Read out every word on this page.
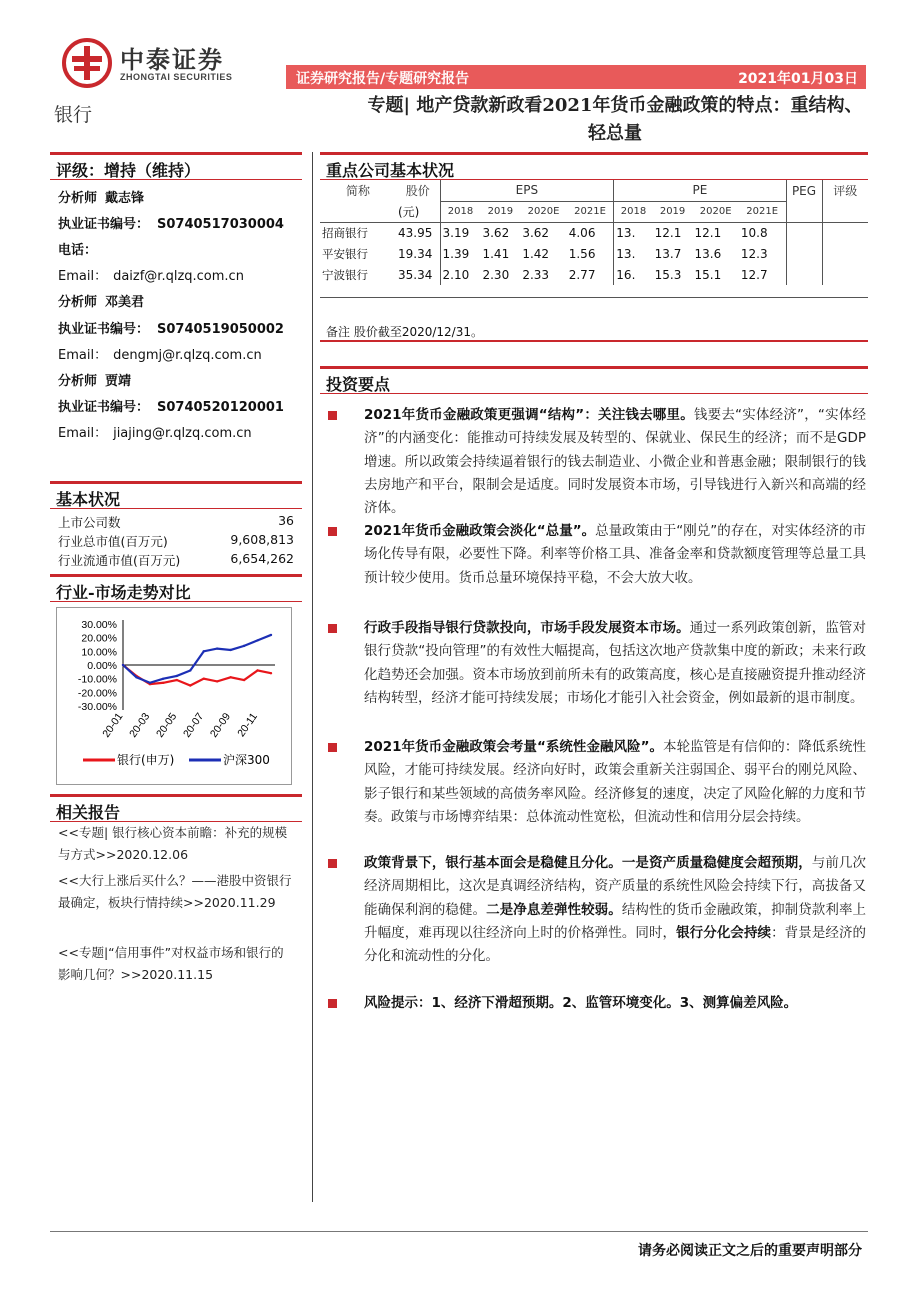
中泰证券
ZHONGTAI SECURITIES	证券研究报告/专题研究报告	2021年01月03日
银行	专题| 地产贷款新政看2021年货币金融政策的特点：重结构、轻总量
评级：增持（维持）
分析师 戴志锋
执业证书编号： S0740517030004
电话：
Email： daizf@r.qlzq.com.cn
分析师 邓美君
执业证书编号： S0740519050002
Email： dengmj@r.qlzq.com.cn
分析师 贾靖
执业证书编号： S0740520120001
Email： jiajing@r.qlzq.com.cn
基本状况
上市公司数	36
行业总市值(百万元)	9,608,813
行业流通市值(百万元)	6,654,262
行业-市场走势对比
30.00%
20.00%
10.00%
0.00%
-10.00%
-20.00%
-30.00%
20-01 20-03 20-05 20-07 20-09 20-11
银行(申万)	沪深300
相关报告
<<专题| 银行核心资本前瞻：补充的规模与方式>>2020.12.06
<<大行上涨后买什么？——港股中资银行最确定，板块行情持续>>2020.11.29
<<专题|“信用事件”对权益市场和银行的影响几何？>>2020.11.15
重点公司基本状况
简称	股价	EPS				PE				PEG	评级
	(元)	2018	2019	2020E	2021E	2018	2019	2020E	2021E		
招商银行	43.95	3.19	3.62	3.62	4.06	13.	12.1	12.1	10.8		
平安银行	19.34	1.39	1.41	1.42	1.56	13.	13.7	13.6	12.3		
宁波银行	35.34	2.10	2.30	2.33	2.77	16.	15.3	15.1	12.7		

备注 股价截至2020/12/31。
投资要点
2021年货币金融政策更强调“结构”：关注钱去哪里。钱要去“实体经济”，“实体经济”的内涵变化：能推动可持续发展及转型的、保就业、保民生的经济；而不是GDP增速。所以政策会持续逼着银行的钱去制造业、小微企业和普惠金融；限制银行的钱去房地产和平台，限制会是适度。同时发展资本市场，引导钱进行入新兴和高端的经济体。
2021年货币金融政策会淡化“总量”。总量政策由于“刚兑”的存在，对实体经济的市场化传导有限，必要性下降。利率等价格工具、准备金率和贷款额度管理等总量工具预计较少使用。货币总量环境保持平稳，不会大放大收。
行政手段指导银行贷款投向，市场手段发展资本市场。通过一系列政策创新，监管对银行贷款“投向管理”的有效性大幅提高，包括这次地产贷款集中度的新政；未来行政化趋势还会加强。资本市场放到前所未有的政策高度，核心是直接融资提升推动经济结构转型，经济才能可持续发展；市场化才能引入社会资金，例如最新的退市制度。
2021年货币金融政策会考量“系统性金融风险”。本轮监管是有信仰的：降低系统性风险，才能可持续发展。经济向好时，政策会重新关注弱国企、弱平台的刚兑风险、影子银行和某些领域的高债务率风险。经济修复的速度，决定了风险化解的力度和节奏。政策与市场博弈结果：总体流动性宽松，但流动性和信用分层会持续。
政策背景下，银行基本面会是稳健且分化。一是资产质量稳健度会超预期，与前几次经济周期相比，这次是真调经济结构，资产质量的系统性风险会持续下行，高拔备又能确保利润的稳健。二是净息差弹性较弱。结构性的货币金融政策，抑制贷款利率上升幅度，难再现以往经济向上时的价格弹性。同时，银行分化会持续：背景是经济的分化和流动性的分化。
风险提示：1、经济下滑超预期。2、监管环境变化。3、测算偏差风险。
请务必阅读正文之后的重要声明部分
